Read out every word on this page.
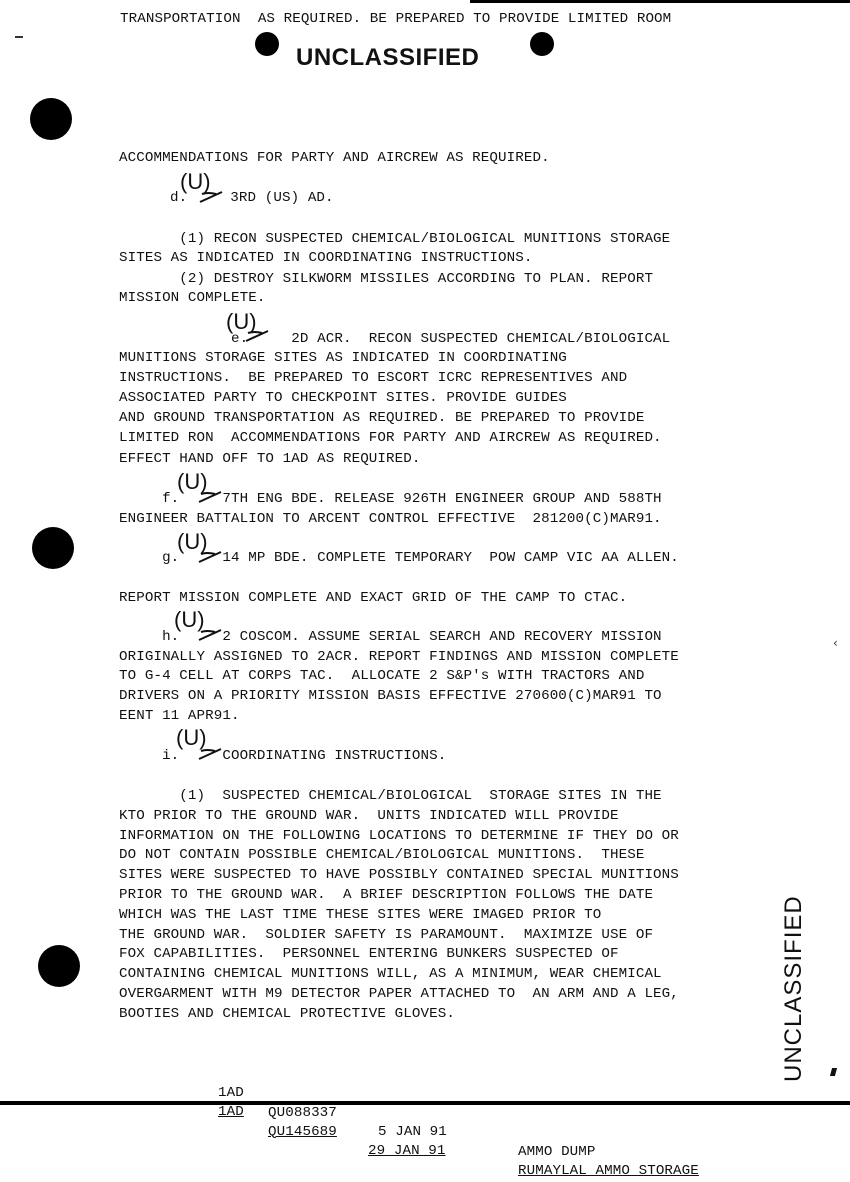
TRANSPORTATION  AS REQUIRED. BE PREPARED TO PROVIDE LIMITED ROOM
UNCLASSIFIED
ACCOMMENDATIONS FOR PARTY AND AIRCREW AS REQUIRED.
(U)
d.     3RD (US) AD.
(1) RECON SUSPECTED CHEMICAL/BIOLOGICAL MUNITIONS STORAGE
SITES AS INDICATED IN COORDINATING INSTRUCTIONS.
(2) DESTROY SILKWORM MISSILES ACCORDING TO PLAN. REPORT
MISSION COMPLETE.
(U)
e.     2D ACR.  RECON SUSPECTED CHEMICAL/BIOLOGICAL
MUNITIONS STORAGE SITES AS INDICATED IN COORDINATING
INSTRUCTIONS.  BE PREPARED TO ESCORT ICRC REPRESENTIVES AND
ASSOCIATED PARTY TO CHECKPOINT SITES. PROVIDE GUIDES
AND GROUND TRANSPORTATION AS REQUIRED. BE PREPARED TO PROVIDE
LIMITED RON  ACCOMMENDATIONS FOR PARTY AND AIRCREW AS REQUIRED.
EFFECT HAND OFF TO 1AD AS REQUIRED.
(U)
f.     7TH ENG BDE. RELEASE 926TH ENGINEER GROUP AND 588TH
ENGINEER BATTALION TO ARCENT CONTROL EFFECTIVE  281200(C)MAR91.
(U)
g.     14 MP BDE. COMPLETE TEMPORARY  POW CAMP VIC AA ALLEN.
REPORT MISSION COMPLETE AND EXACT GRID OF THE CAMP TO CTAC.
(U)
h.     2 COSCOM. ASSUME SERIAL SEARCH AND RECOVERY MISSION
ORIGINALLY ASSIGNED TO 2ACR. REPORT FINDINGS AND MISSION COMPLETE
TO G-4 CELL AT CORPS TAC.  ALLOCATE 2 S&P's WITH TRACTORS AND
DRIVERS ON A PRIORITY MISSION BASIS EFFECTIVE 270600(C)MAR91 TO
EENT 11 APR91.
(U)
i.     COORDINATING INSTRUCTIONS.
(1)  SUSPECTED CHEMICAL/BIOLOGICAL  STORAGE SITES IN THE
KTO PRIOR TO THE GROUND WAR.  UNITS INDICATED WILL PROVIDE
INFORMATION ON THE FOLLOWING LOCATIONS TO DETERMINE IF THEY DO OR
DO NOT CONTAIN POSSIBLE CHEMICAL/BIOLOGICAL MUNITIONS.  THESE
SITES WERE SUSPECTED TO HAVE POSSIBLY CONTAINED SPECIAL MUNITIONS
PRIOR TO THE GROUND WAR.  A BRIEF DESCRIPTION FOLLOWS THE DATE
WHICH WAS THE LAST TIME THESE SITES WERE IMAGED PRIOR TO
THE GROUND WAR.  SOLDIER SAFETY IS PARAMOUNT.  MAXIMIZE USE OF
FOX CAPABILITIES.  PERSONNEL ENTERING BUNKERS SUSPECTED OF
CONTAINING CHEMICAL MUNITIONS WILL, AS A MINIMUM, WEAR CHEMICAL
OVERGARMENT WITH M9 DETECTOR PAPER ATTACHED TO  AN ARM AND A LEG,
BOOTIES AND CHEMICAL PROTECTIVE GLOVES.

1AD

QU088337

5 JAN 91

AMMO DUMP

1AD

QU145689

29 JAN 91

RUMAYLAL AMMO STORAGE

UNCLASSIFIED
‹
